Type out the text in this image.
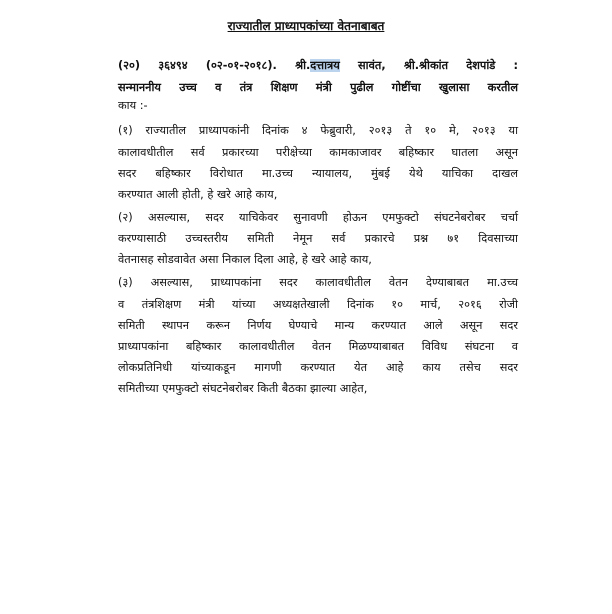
राज्यातील प्राध्यापकांच्या वेतनाबाबत
(२०) ३६४९४ (०२-०१-२०१८). श्री.दत्तात्रय सावंत, श्री.श्रीकांत देशपांडे :
सन्माननीय उच्च व तंत्र शिक्षण मंत्री पुढील गोष्टींचा खुलासा करतील
काय :-
(१) राज्यातील प्राध्यापकांनी दिनांक ४ फेब्रुवारी, २०१३ ते १० मे, २०१३ या
कालावधीतील सर्व प्रकारच्या परीक्षेच्या कामकाजावर बहिष्कार घातला असून
सदर बहिष्कार विरोधात मा.उच्च न्यायालय, मुंबई येथे याचिका दाखल
करण्यात आली होती, हे खरे आहे काय,
(२) असल्यास, सदर याचिकेवर सुनावणी होऊन एमफुक्टो संघटनेबरोबर चर्चा
करण्यासाठी उच्चस्तरीय समिती नेमून सर्व प्रकारचे प्रश्न ७१ दिवसाच्या
वेतनासह सोडवावेत असा निकाल दिला आहे, हे खरे आहे काय,
(३) असल्यास, प्राध्यापकांना सदर कालावधीतील वेतन देण्याबाबत मा.उच्च
व तंत्रशिक्षण मंत्री यांच्या अध्यक्षतेखाली दिनांक १० मार्च, २०१६ रोजी
समिती स्थापन करून निर्णय घेण्याचे मान्य करण्यात आले असून सदर
प्राध्यापकांना बहिष्कार कालावधीतील वेतन मिळण्याबाबत विविध संघटना व
लोकप्रतिनिधी यांच्याकडून मागणी करण्यात येत आहे काय तसेच सदर
समितीच्या एमफुक्टो संघटनेबरोबर किती बैठका झाल्या आहेत,
